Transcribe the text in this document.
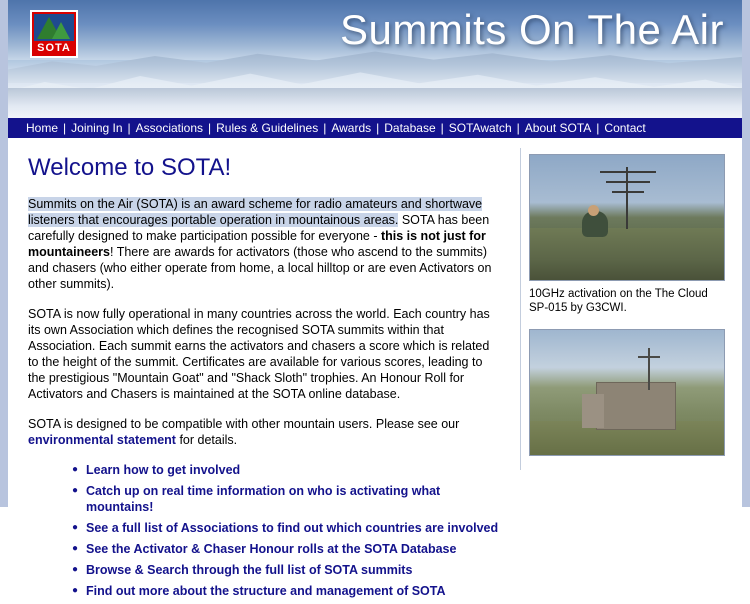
SOTA	Summits On The Air
Home | Joining In | Associations | Rules & Guidelines | Awards | Database | SOTAwatch | About SOTA | Contact
Welcome to SOTA!

Summits on the Air (SOTA) is an award scheme for radio amateurs and shortwave listeners that encourages portable operation in mountainous areas. SOTA has been carefully designed to make participation possible for everyone - this is not just for mountaineers! There are awards for activators (those who ascend to the summits) and chasers (who either operate from home, a local hilltop or are even Activators on other summits).

SOTA is now fully operational in many countries across the world. Each country has its own Association which defines the recognised SOTA summits within that Association. Each summit earns the activators and chasers a score which is related to the height of the summit. Certificates are available for various scores, leading to the prestigious "Mountain Goat" and "Shack Sloth" trophies. An Honour Roll for Activators and Chasers is maintained at the SOTA online database.

SOTA is designed to be compatible with other mountain users. Please see our environmental statement for details.

● Learn how to get involved
● Catch up on real time information on who is activating what mountains!
● See a full list of Associations to find out which countries are involved
● See the Activator & Chaser Honour rolls at the SOTA Database
● Browse & Search through the full list of SOTA summits
● Find out more about the structure and management of SOTA
10GHz activation on the The Cloud SP-015 by G3CWI.
